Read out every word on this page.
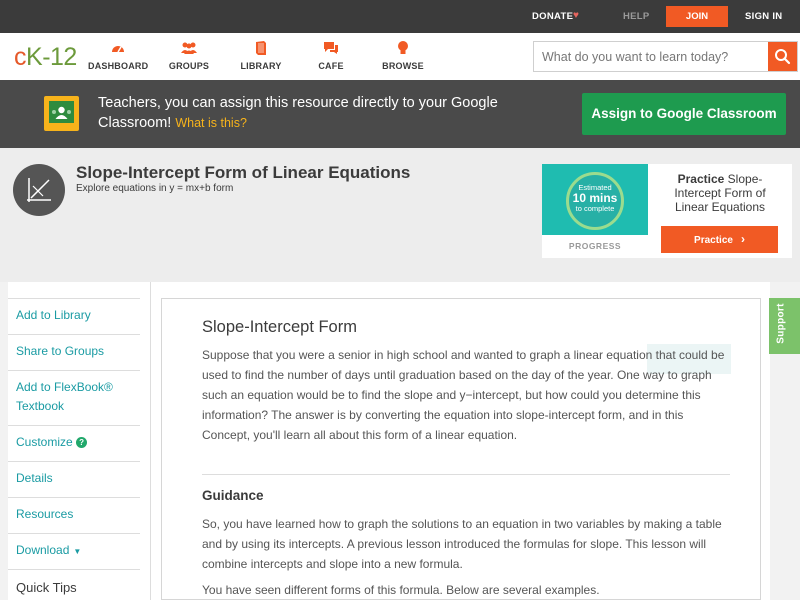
DONATE ♥	HELP	JOIN	SIGN IN
cK-12 DASHBOARD	GROUPS	LIBRARY	CAFE	BROWSE
What do you want to learn today?
Teachers, you can assign this resource directly to your Google Classroom! What is this?
Assign to Google Classroom
Slope-Intercept Form of Linear Equations
Explore equations in y = mx+b form	Estimated
10 mins
to complete
PROGRESS
Practice Slope-Intercept Form of Linear Equations
Practice ›
Add to Library
Share to Groups
Add to FlexBook® Textbook
Customize ?
Details
Resources
Download ▼
Quick Tips
Slope-Intercept Form
Suppose that you were a senior in high school and wanted to graph a linear equation that could be used to find the number of days until graduation based on the day of the year. One way to graph such an equation would be to find the slope and y−intercept, but how could you determine this information? The answer is by converting the equation into slope-intercept form, and in this Concept, you'll learn all about this form of a linear equation.
Guidance
So, you have learned how to graph the solutions to an equation in two variables by making a table and by using its intercepts. A previous lesson introduced the formulas for slope. This lesson will combine intercepts and slope into a new formula.
You have seen different forms of this formula. Below are several examples.
Support
